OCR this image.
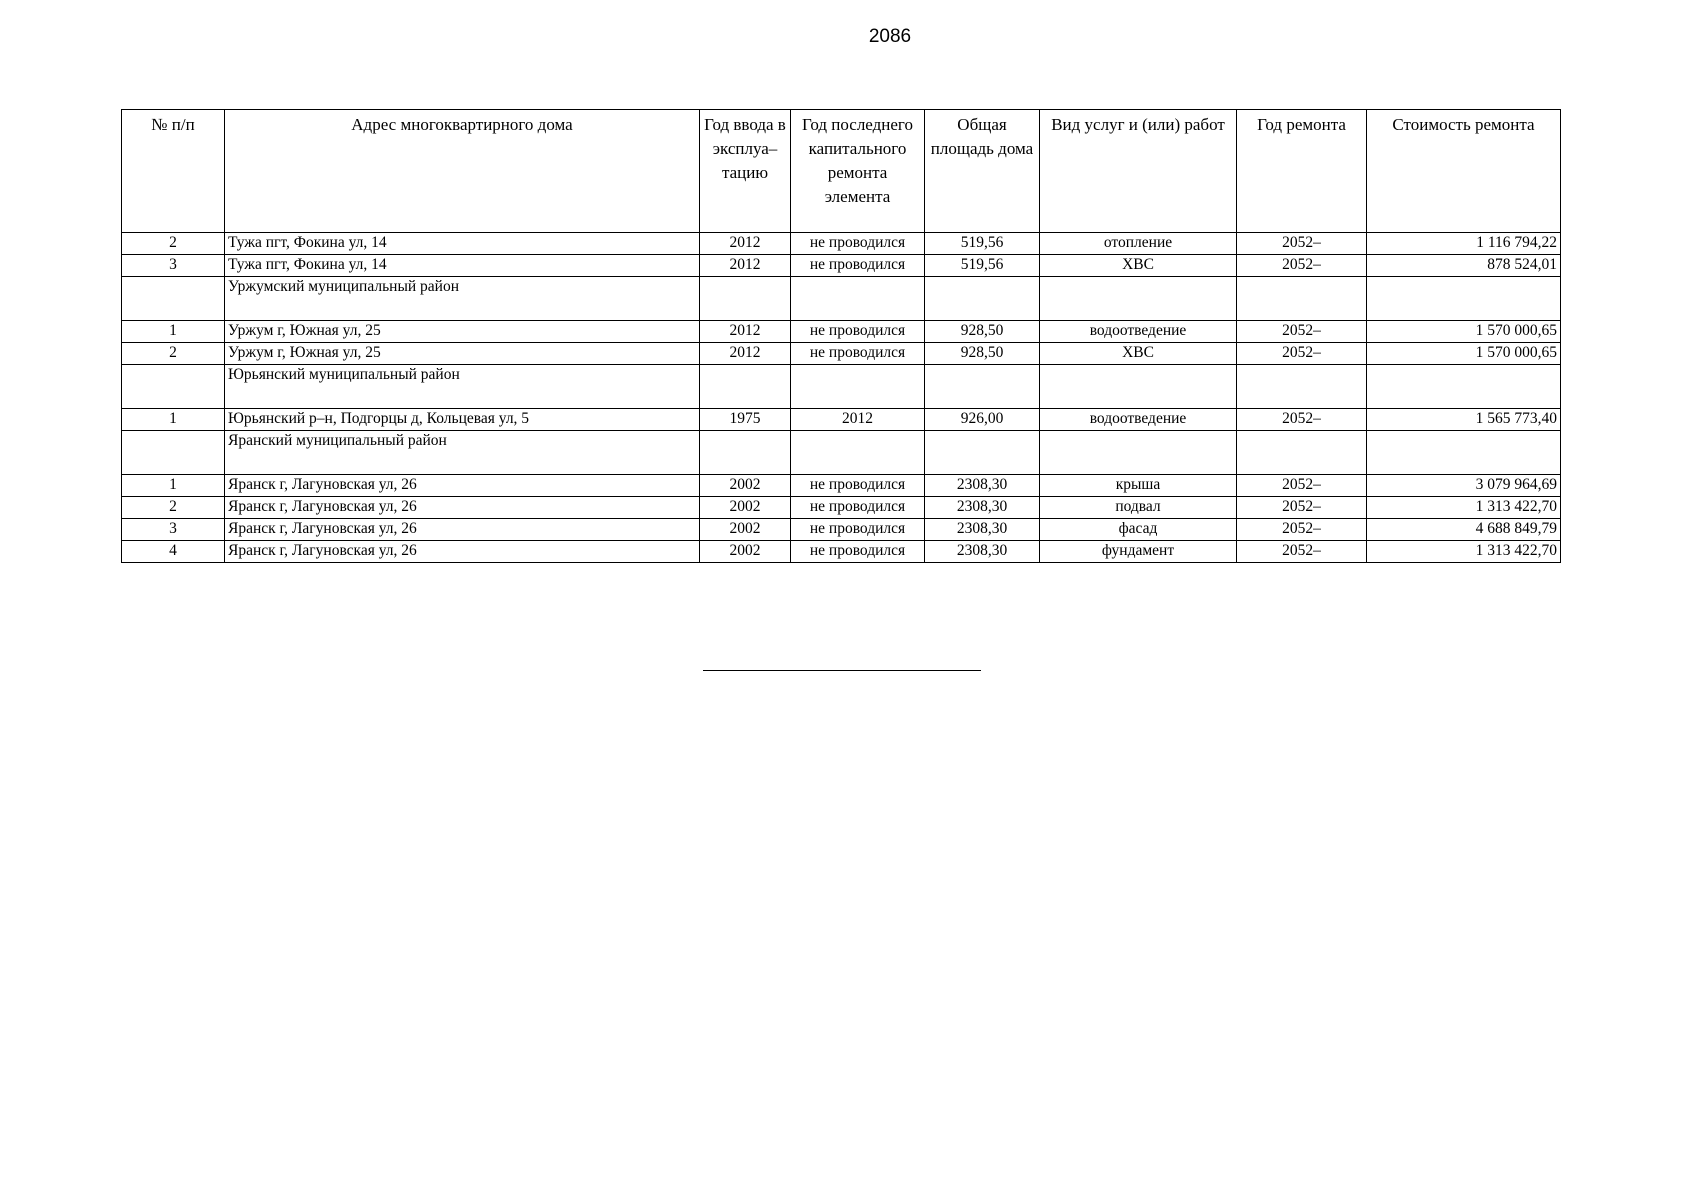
2086
№ п/п	Адрес многоквартирного дома	Год ввода в эксплуа– тацию	Год последнего капитального ремонта элемента	Общая площадь дома	Вид услуг и (или) работ	Год ремонта	Стоимость ремонта
2	Тужа пгт, Фокина ул, 14	2012	не проводился	519,56	отопление	2052–	1 116 794,22
3	Тужа пгт, Фокина ул, 14	2012	не проводился	519,56	ХВС	2052–	878 524,01
	Уржумский муниципальный район						
1	Уржум г, Южная ул, 25	2012	не проводился	928,50	водоотведение	2052–	1 570 000,65
2	Уржум г, Южная ул, 25	2012	не проводился	928,50	ХВС	2052–	1 570 000,65
	Юрьянский муниципальный район						
1	Юрьянский р–н, Подгорцы д, Кольцевая ул, 5	1975	2012	926,00	водоотведение	2052–	1 565 773,40
	Яранский муниципальный район						
1	Яранск г, Лагуновская ул, 26	2002	не проводился	2308,30	крыша	2052–	3 079 964,69
2	Яранск г, Лагуновская ул, 26	2002	не проводился	2308,30	подвал	2052–	1 313 422,70
3	Яранск г, Лагуновская ул, 26	2002	не проводился	2308,30	фасад	2052–	4 688 849,79
4	Яранск г, Лагуновская ул, 26	2002	не проводился	2308,30	фундамент	2052–	1 313 422,70
